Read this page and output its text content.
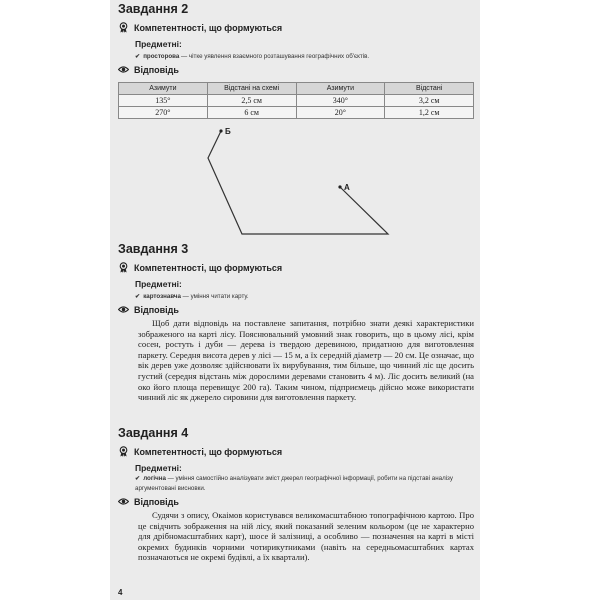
Завдання 2
Компетентності, що формуються
Предметні:
✔ просторова — чітке уявлення взаємного розташування географічних об'єктів.
Відповідь
Азимути	Відстані на схемі	Азимути	Відстані
135°	2,5 см	340°	3,2 см
270°	6 см	20°	1,2 см
Б
А
Завдання 3
Компетентності, що формуються
Предметні:
✔ картознавча — уміння читати карту.
Відповідь
Щоб дати відповідь на поставлене запитання, потрібно знати деякі характеристики зображеного на карті лісу. Пояснювальний умовний знак говорить, що в цьому лісі, крім сосен, ростуть і дуби — дерева із твердою деревиною, придатною для виготовлення паркету. Середня висота дерев у лісі — 15 м, а їх середній діаметр — 20 см. Це означає, що вік дерев уже дозволяє здійснювати їх вирубування, тим більше, що чинний ліс ще досить густий (середня відстань між дорослими деревами становить 4 м). Ліс досить великий (на око його площа перевищує 200 га). Таким чином, підприємець дійсно може використати чинний ліс як джерело сировини для виготовлення паркету.
Завдання 4
Компетентності, що формуються
Предметні:
✔ логічна — уміння самостійно аналізувати зміст джерел географічної інформації, робити на підставі аналізу аргументовані висновки.
Відповідь
Судячи з опису, Окаімов користувався великомасштабною топографічною картою. Про це свідчить зображення на ній лісу, який показаний зеленим кольором (це не характерно для дрібномасштабних карт), шосе й залізниці, а особливо — позначення на карті в місті окремих будинків чорними чотирикутниками (навіть на середньомасштабних картах позначаються не окремі будівлі, а їх квартали).
4
